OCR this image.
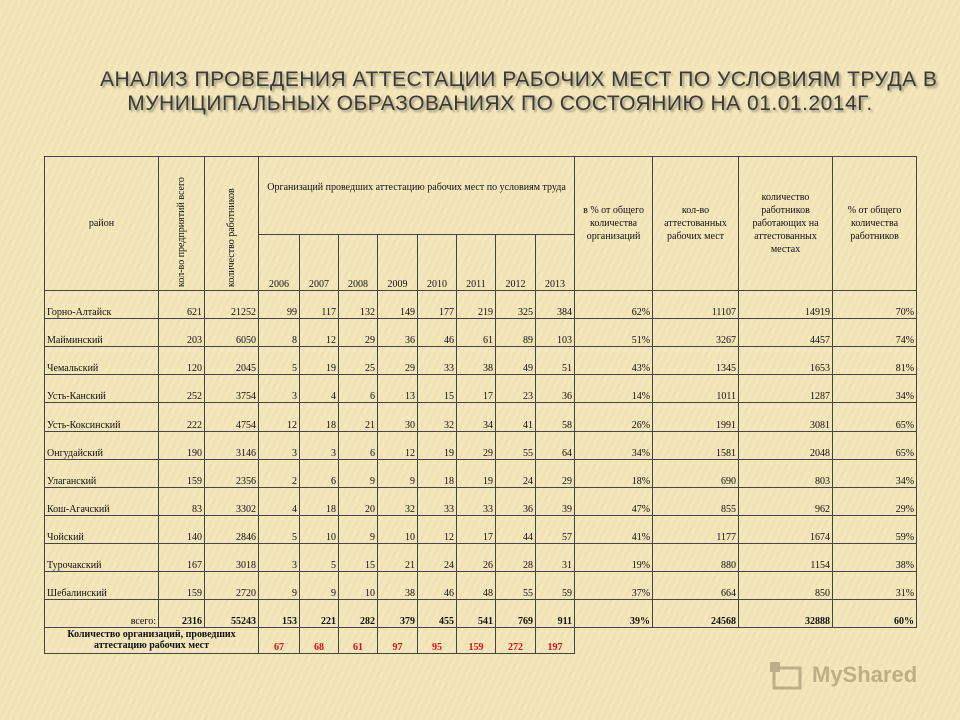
АНАЛИЗ ПРОВЕДЕНИЯ АТТЕСТАЦИИ РАБОЧИХ МЕСТ ПО УСЛОВИЯМ ТРУДА В
МУНИЦИПАЛЬНЫХ ОБРАЗОВАНИЯХ ПО СОСТОЯНИЮ НА 01.01.2014Г.
район	кол-во предприятий всего	количество работников	Организаций проведших аттестацию рабочих мест по условиям труда								в % от общего количества организаций	кол-во аттестованных рабочих мест	количество работников работающих на аттестованных местах	% от общего количества работников
			2006	2007	2008	2009	2010	2011	2012	2013				
Горно-Алтайск	621	21252	99	117	132	149	177	219	325	384	62%	11107	14919	70%
Майминский	203	6050	8	12	29	36	46	61	89	103	51%	3267	4457	74%
Чемальский	120	2045	5	19	25	29	33	38	49	51	43%	1345	1653	81%
Усть-Канский	252	3754	3	4	6	13	15	17	23	36	14%	1011	1287	34%
Усть-Коксинский	222	4754	12	18	21	30	32	34	41	58	26%	1991	3081	65%
Онгудайский	190	3146	3	3	6	12	19	29	55	64	34%	1581	2048	65%
Улаганский	159	2356	2	6	9	9	18	19	24	29	18%	690	803	34%
Кош-Агачский	83	3302	4	18	20	32	33	33	36	39	47%	855	962	29%
Чойский	140	2846	5	10	9	10	12	17	44	57	41%	1177	1674	59%
Турочакский	167	3018	3	5	15	21	24	26	28	31	19%	880	1154	38%
Шебалинский	159	2720	9	9	10	38	46	48	55	59	37%	664	850	31%
всего:	2316	55243	153	221	282	379	455	541	769	911	39%	24568	32888	60%
Количество организаций, проведших аттестацию рабочих мест			67	68	61	97	95	159	272	197				
MyShared
